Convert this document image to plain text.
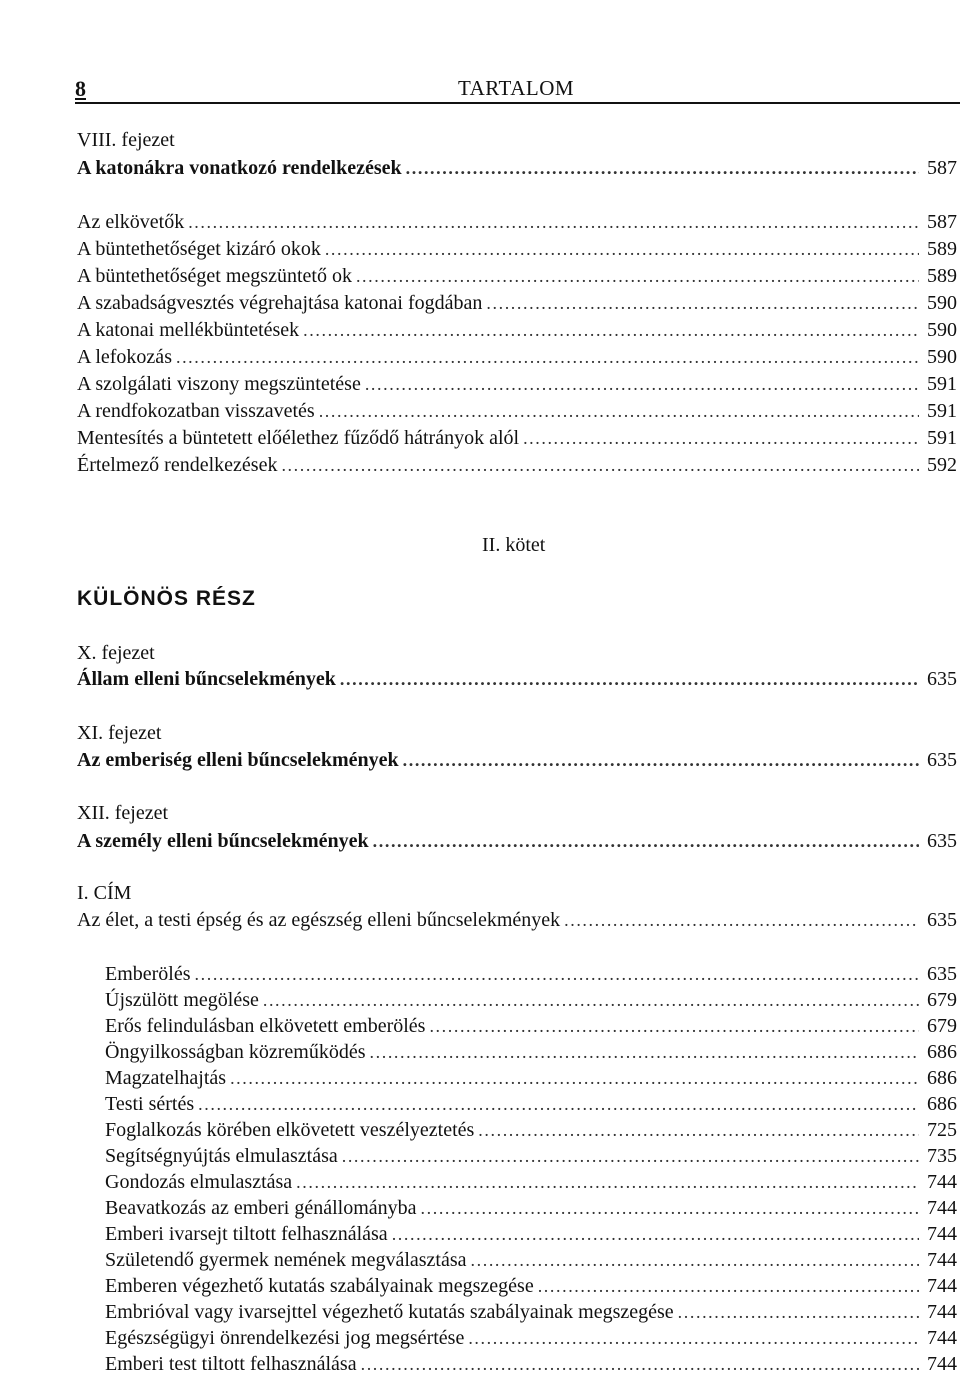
8	TARTALOM
VIII. fejezet
A katonákra vonatkozó rendelkezések .....	587
Az elkövetők .....	587
A büntethetőséget kizáró okok .....	589
A büntethetőséget megszüntető ok .....	589
A szabadságvesztés végrehajtása katonai fogdában .....	590
A katonai mellékbüntetések .....	590
A lefokozás .....	590
A szolgálati viszony megszüntetése .....	591
A rendfokozatban visszavetés .....	591
Mentesítés a büntetett előélethez fűződő hátrányok alól .....	591
Értelmező rendelkezések .....	592
II. kötet
KÜLÖNÖS RÉSZ
X. fejezet
Állam elleni bűncselekmények .....	635
XI. fejezet
Az emberiség elleni bűncselekmények .....	635
XII. fejezet
A személy elleni bűncselekmények .....	635
I. CÍM
Az élet, a testi épség és az egészség elleni bűncselekmények .....	635
Emberölés .....	635
Újszülött megölése .....	679
Erős felindulásban elkövetett emberölés .....	679
Öngyilkosságban közreműködés .....	686
Magzatelhajtás .....	686
Testi sértés .....	686
Foglalkozás körében elkövetett veszélyeztetés .....	725
Segítségnyújtás elmulasztása .....	735
Gondozás elmulasztása .....	744
Beavatkozás az emberi génállományba .....	744
Emberi ivarsejt tiltott felhasználása .....	744
Születendő gyermek nemének megválasztása .....	744
Emberen végezhető kutatás szabályainak megszegése .....	744
Embrióval vagy ivarsejttel végezhető kutatás szabályainak megszegése .....	744
Egészségügyi önrendelkezési jog megsértése .....	744
Emberi test tiltott felhasználása .....	744
